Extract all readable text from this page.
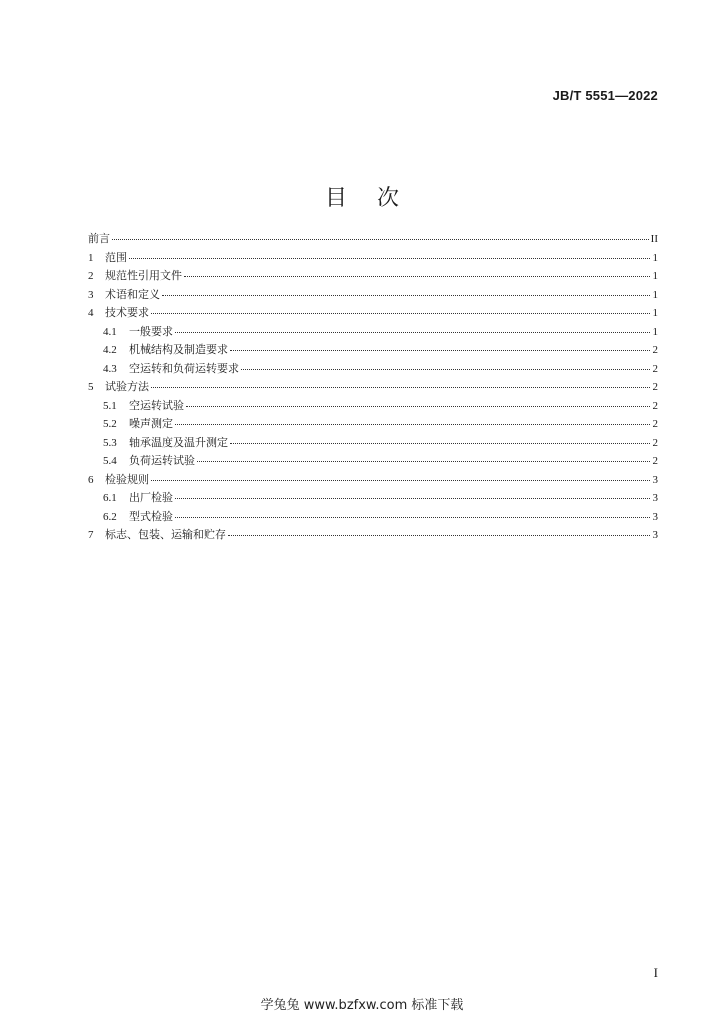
JB/T 5551—2022
目次
前言	II
1	范围	1
2	规范性引用文件	1
3	术语和定义	1
4	技术要求	1
4.1	一般要求	1
4.2	机械结构及制造要求	2
4.3	空运转和负荷运转要求	2
5	试验方法	2
5.1	空运转试验	2
5.2	噪声测定	2
5.3	轴承温度及温升测定	2
5.4	负荷运转试验	2
6	检验规则	3
6.1	出厂检验	3
6.2	型式检验	3
7	标志、包装、运输和贮存	3
I
学兔兔 www.bzfxw.com 标准下载
